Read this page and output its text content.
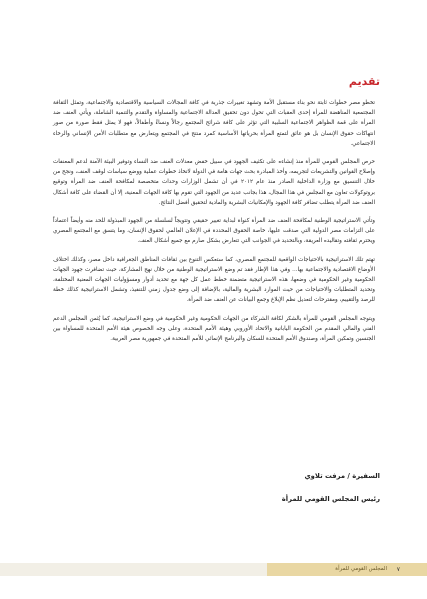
تقديم

تخطو مصر خطوات ثابتة نحو بناء مستقبل الأمة وتشهد تغييرات جذرية في كافة المجالات السياسية والاقتصادية والاجتماعية، وتمثل الثقافة المجتمعية المناهضة للمرأة إحدى العقبات التي تحول دون تحقيق العدالة الاجتماعية والمساواة والتقدم والتنمية الشاملة، ويأتي العنف ضد المرأة على قمة الظواهر الاجتماعية السلبية التي تؤثر على كافة شرائح المجتمع رجالاً ونساءً وأطفالاً، فهو لا يمثل فقط صورة من صور انتهاكات حقوق الإنسان بل هو عائق لتمتع المرأة بحرياتها الأساسية كمرد منتج في المجتمع ويتعارض مع متطلبات الأمن الإنساني والرخاء الاجتماعي.

حرص المجلس القومي للمرأة منذ إنشاءه على تكثيف الجهود في سبيل خفض معدلات العنف ضد النساء وتوفير البيئة الآمنة لدعم المعنفات وإصلاح القوانين والتشريعات لتجريمه، وأخذ المبادرة بحث جهات هامة في الدولة لاتخاذ خطوات عملية ووضع سياسات لوقف العنف، ونجح من خلال التنسيق مع وزارة الداخلية الصادر منذ عام ٢٠١٢ في أن تشمل الوزارات وحدات متخصصة لمكافحة العنف ضد المرأة وتوقيع بروتوكولات تعاون مع المجلس في هذا المجال، هذا بجانب عديد من الجهود التي تقوم بها كافة الجهات المعنية، إلا أن القضاء على كافة أشكال العنف ضد المرأة يتطلب تضافر كافة الجهود والإمكانيات البشرية والمادية لتحقيق أفضل النتائج.

وتأتي الاستراتيجية الوطنية لمكافحة العنف ضد المرأة كنواة لبداية تغيير حقيقي وتتويجاً لسلسلة من الجهود المبذولة للحد منه وأيضاً اعتماداً على التزامات مصر الدولية التي صدقت عليها، خاصة الحقوق المحددة في الإعلان العالمي لحقوق الإنسان، وما يتسق مع المجتمع المصري ويحترم ثقافته وتقاليده العريقة، وبالتحديد في الجوانب التي تتعارض بشكل صارم مع جميع أشكال العنف.

تهتم تلك الاستراتيجية بالاحتياجات الواقعية للمجتمع المصري، كما ستعكس التنوع بين ثقافات المناطق الجغرافية داخل مصر، وكذلك اختلاف الأوضاع الاقتصادية والاجتماعية بها... وفي هذا الإطار فقد تم وضع الاستراتيجية الوطنية من خلال نهج المشاركة، حيث تضافرت جهود الجهات الحكومية وغير الحكومية في وضعها، هذه الاستراتيجية متضمنة خطط عمل كل جهة مع تحديد أدوار ومسؤوليات الجهات المعنية المختلفة، وتحديد المتطلبات والاحتياجات من حيث الموارد البشرية والمالية، بالإضافة إلى وضع جدول زمني للتنفيذ، وتشمل الاستراتيجية كذلك خطة للرصد والتقييم، ومقترحات لتعديل نظم الإبلاغ وجمع البيانات عن العنف ضد المرأة.

ويتوجه المجلس القومي للمرأة بالشكر لكافة الشركاء من الجهات الحكومية وغير الحكومية في وضع الاستراتيجية، كما يُثمن المجلس الدعم الفني والمالي المقدم من الحكومة اليابانية والاتحاد الأوروبي وهيئة الأمم المتحدة، وعلى وجه الخصوص هيئة الأمم المتحدة للمساواة بين الجنسين وتمكين المرأة، وصندوق الأمم المتحدة للسكان والبرنامج الإنمائي للأمم المتحدة في جمهورية مصر العربية.

السفيرة / مرفت تلاوي
رئيس المجلس القومي للمرأة
٧
المجلس القومي للمرأة
